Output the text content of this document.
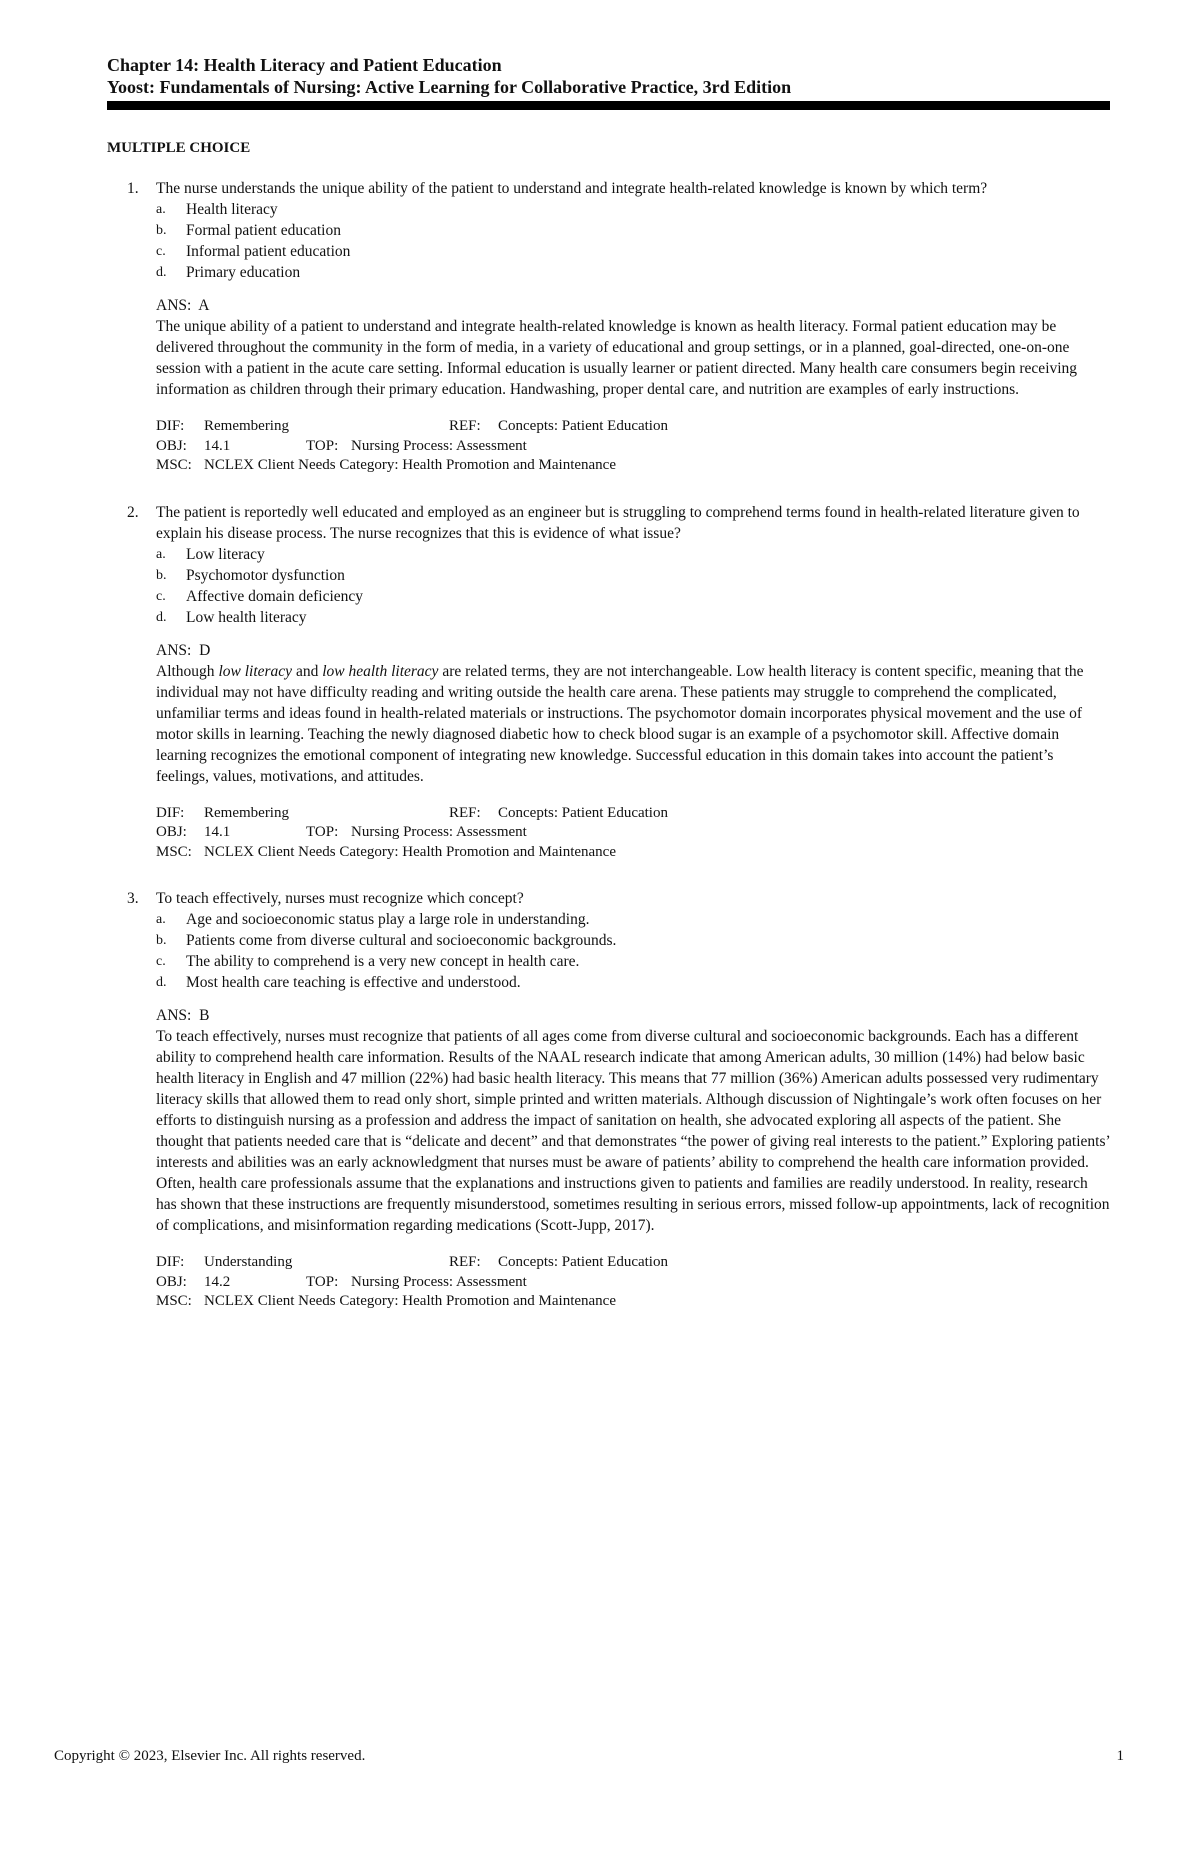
Chapter 14: Health Literacy and Patient Education
Yoost: Fundamentals of Nursing: Active Learning for Collaborative Practice, 3rd Edition
MULTIPLE CHOICE
1. The nurse understands the unique ability of the patient to understand and integrate health-related knowledge is known by which term?

a. Health literacy
b. Formal patient education
c. Informal patient education
d. Primary education
ANS: A

The unique ability of a patient to understand and integrate health-related knowledge is known as health literacy. Formal patient education may be delivered throughout the community in the form of media, in a variety of educational and group settings, or in a planned, goal-directed, one-on-one session with a patient in the acute care setting. Informal education is usually learner or patient directed. Many health care consumers begin receiving information as children through their primary education. Handwashing, proper dental care, and nutrition are examples of early instructions.

DIF: Remembering	REF: Concepts: Patient Education
OBJ: 14.1	TOP: Nursing Process: Assessment
MSC: NCLEX Client Needs Category: Health Promotion and Maintenance
2. The patient is reportedly well educated and employed as an engineer but is struggling to comprehend terms found in health-related literature given to explain his disease process. The nurse recognizes that this is evidence of what issue?

a. Low literacy
b. Psychomotor dysfunction
c. Affective domain deficiency
d. Low health literacy
ANS: D

Although low literacy and low health literacy are related terms, they are not interchangeable. Low health literacy is content specific, meaning that the individual may not have difficulty reading and writing outside the health care arena. These patients may struggle to comprehend the complicated, unfamiliar terms and ideas found in health-related materials or instructions. The psychomotor domain incorporates physical movement and the use of motor skills in learning. Teaching the newly diagnosed diabetic how to check blood sugar is an example of a psychomotor skill. Affective domain learning recognizes the emotional component of integrating new knowledge. Successful education in this domain takes into account the patient’s feelings, values, motivations, and attitudes.

DIF: Remembering	REF: Concepts: Patient Education
OBJ: 14.1	TOP: Nursing Process: Assessment
MSC: NCLEX Client Needs Category: Health Promotion and Maintenance
3. To teach effectively, nurses must recognize which concept?

a. Age and socioeconomic status play a large role in understanding.
b. Patients come from diverse cultural and socioeconomic backgrounds.
c. The ability to comprehend is a very new concept in health care.
d. Most health care teaching is effective and understood.
ANS: B

To teach effectively, nurses must recognize that patients of all ages come from diverse cultural and socioeconomic backgrounds. Each has a different ability to comprehend health care information. Results of the NAAL research indicate that among American adults, 30 million (14%) had below basic health literacy in English and 47 million (22%) had basic health literacy. This means that 77 million (36%) American adults possessed very rudimentary literacy skills that allowed them to read only short, simple printed and written materials. Although discussion of Nightingale’s work often focuses on her efforts to distinguish nursing as a profession and address the impact of sanitation on health, she advocated exploring all aspects of the patient. She thought that patients needed care that is “delicate and decent” and that demonstrates “the power of giving real interests to the patient.” Exploring patients’ interests and abilities was an early acknowledgment that nurses must be aware of patients’ ability to comprehend the health care information provided. Often, health care professionals assume that the explanations and instructions given to patients and families are readily understood. In reality, research has shown that these instructions are frequently misunderstood, sometimes resulting in serious errors, missed follow-up appointments, lack of recognition of complications, and misinformation regarding medications (Scott-Jupp, 2017).

DIF: Understanding	REF: Concepts: Patient Education
OBJ: 14.2	TOP: Nursing Process: Assessment
MSC: NCLEX Client Needs Category: Health Promotion and Maintenance
Copyright © 2023, Elsevier Inc. All rights reserved.	1
